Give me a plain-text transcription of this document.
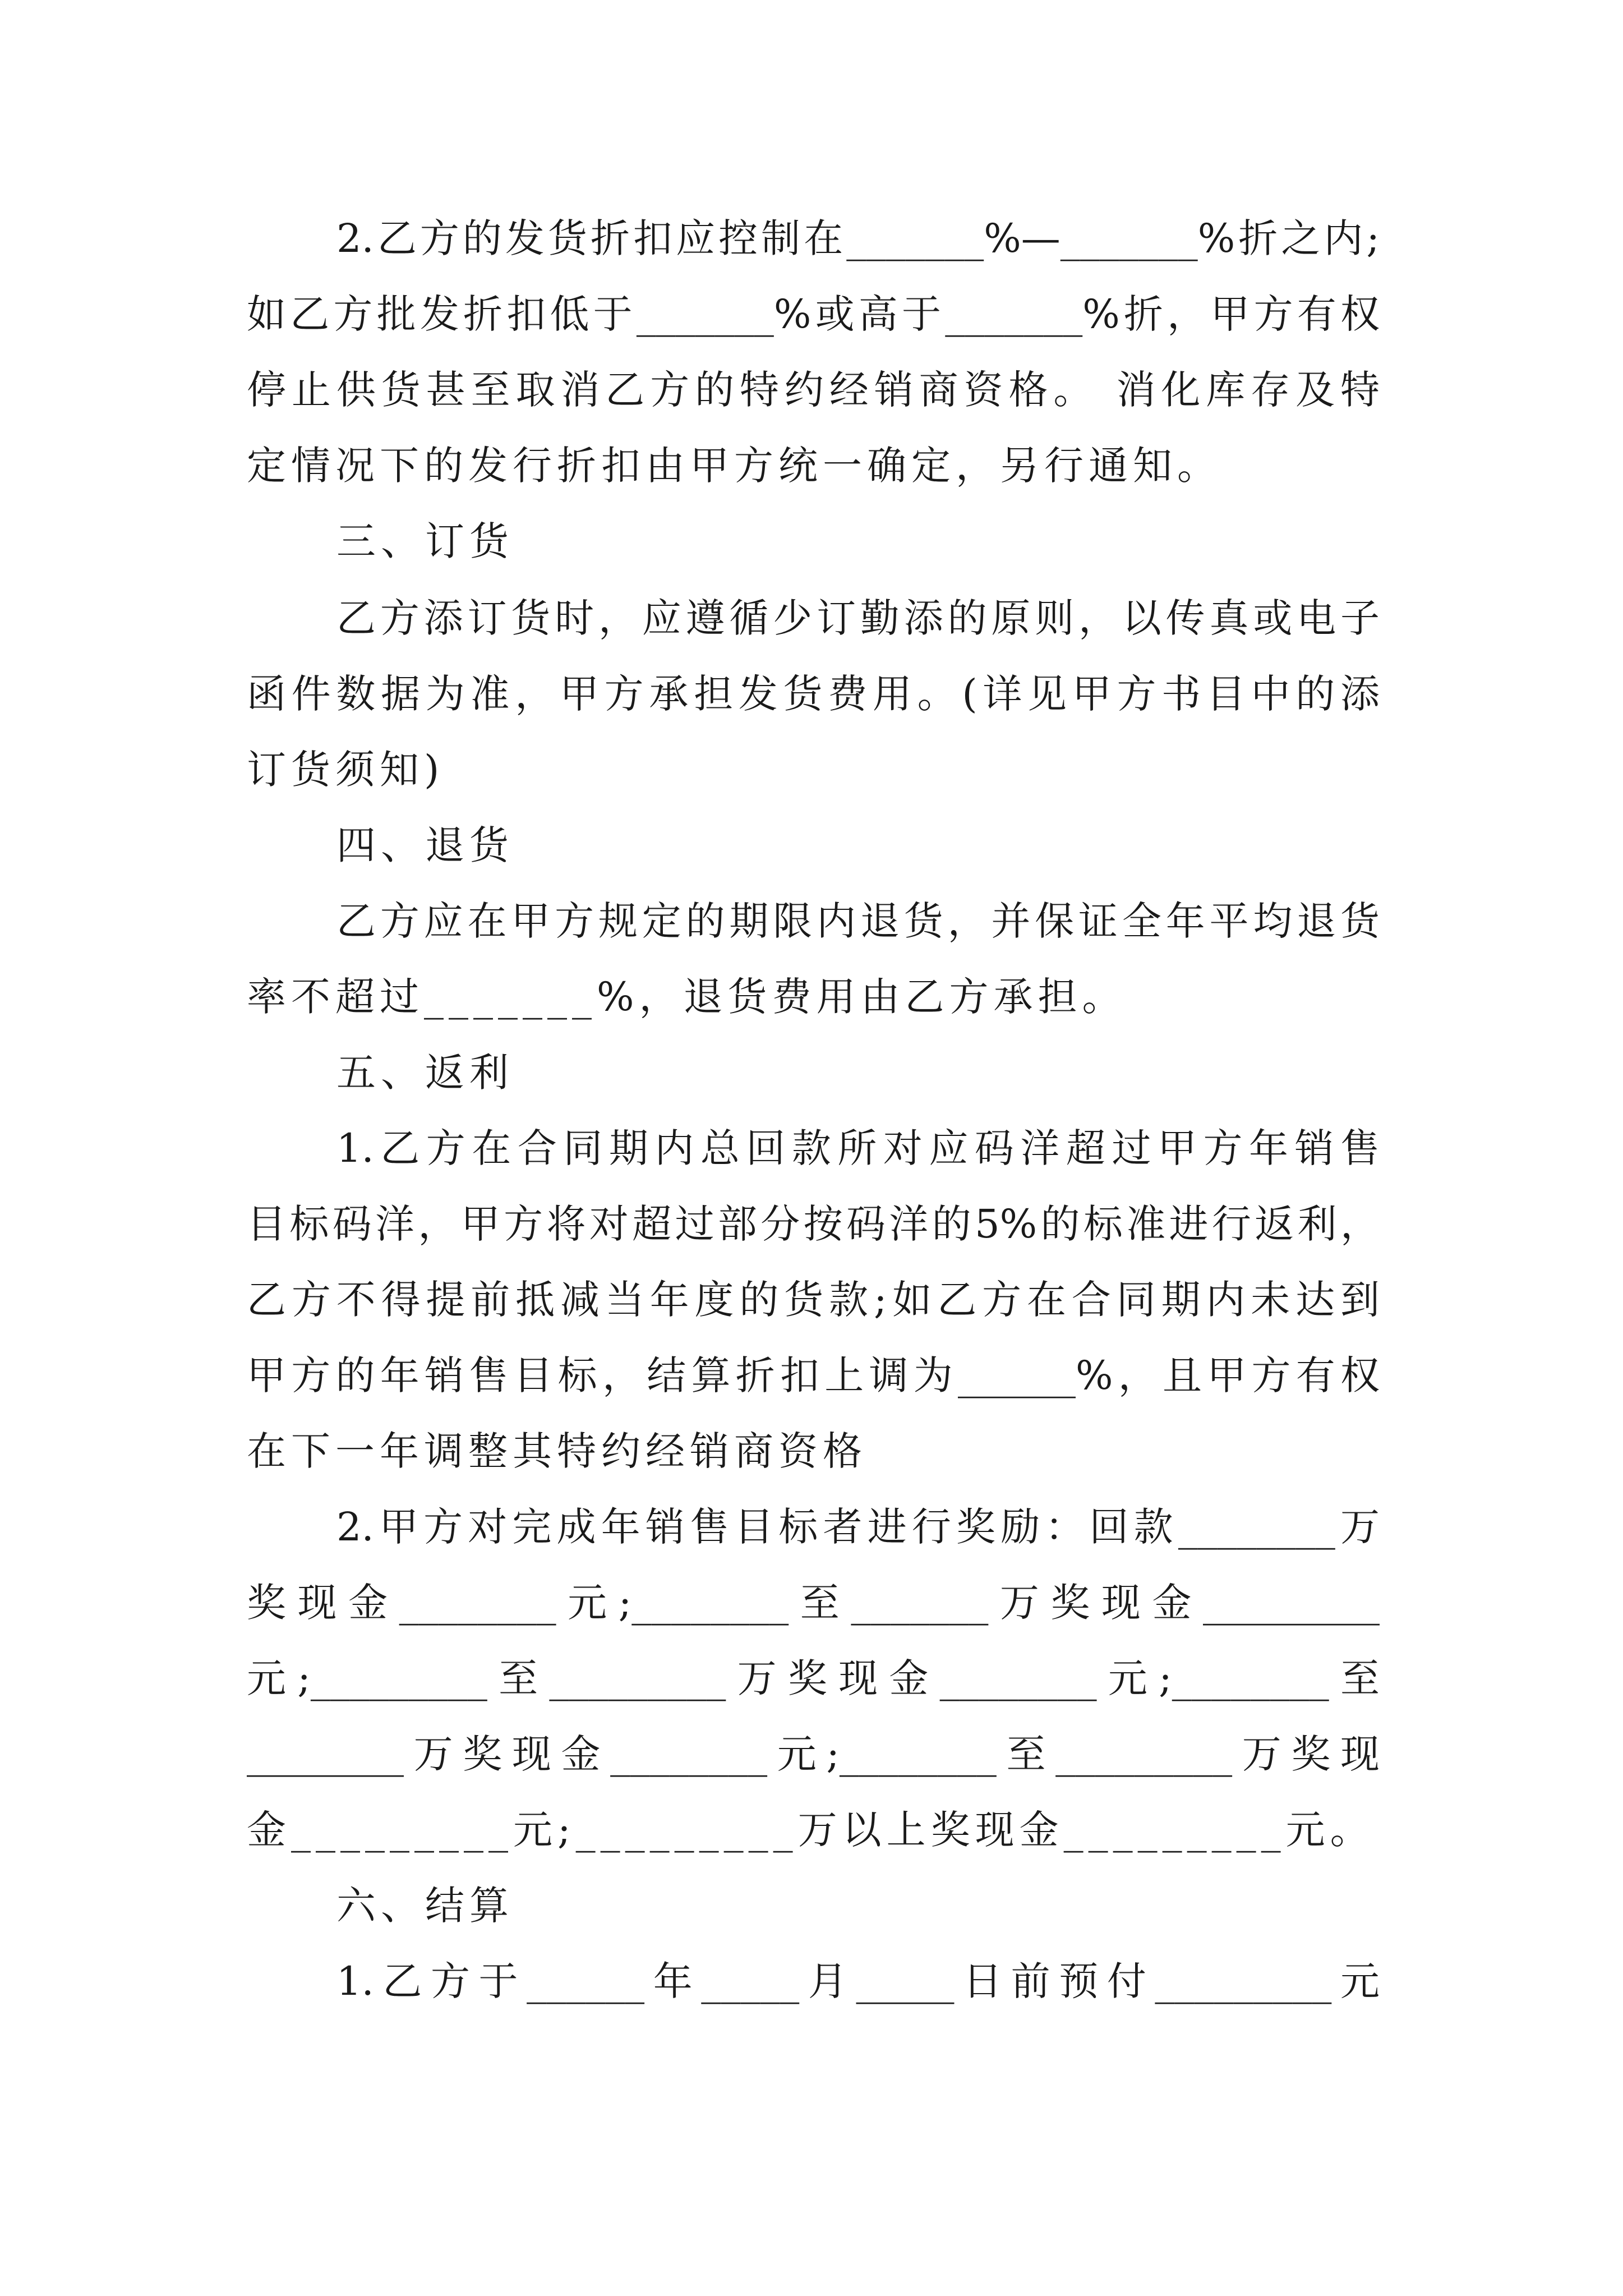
2.乙方的发货折扣应控制在_______%—_______%折之内;
如乙方批发折扣低于_______%或高于_______%折，甲方有权
停止供货甚至取消乙方的特约经销商资格。 消化库存及特
定情况下的发行折扣由甲方统一确定，另行通知。
三、订货
乙方添订货时，应遵循少订勤添的原则，以传真或电子
函件数据为准，甲方承担发货费用。(详见甲方书目中的添
订货须知)
四、退货
乙方应在甲方规定的期限内退货，并保证全年平均退货
率不超过_______%，退货费用由乙方承担。
五、返利
1.乙方在合同期内总回款所对应码洋超过甲方年销售
目标码洋，甲方将对超过部分按码洋的5%的标准进行返利，
乙方不得提前抵减当年度的货款;如乙方在合同期内未达到
甲方的年销售目标，结算折扣上调为______%，且甲方有权
在下一年调整其特约经销商资格
2.甲方对完成年销售目标者进行奖励：回款________万
奖现金________元;________至_______万奖现金_________
元;_________至_________万奖现金________元;________至
________万奖现金________元;________至_________万奖现
金_________元;_________万以上奖现金_________元。
六、结算
1.乙方于______年_____月_____日前预付_________元
